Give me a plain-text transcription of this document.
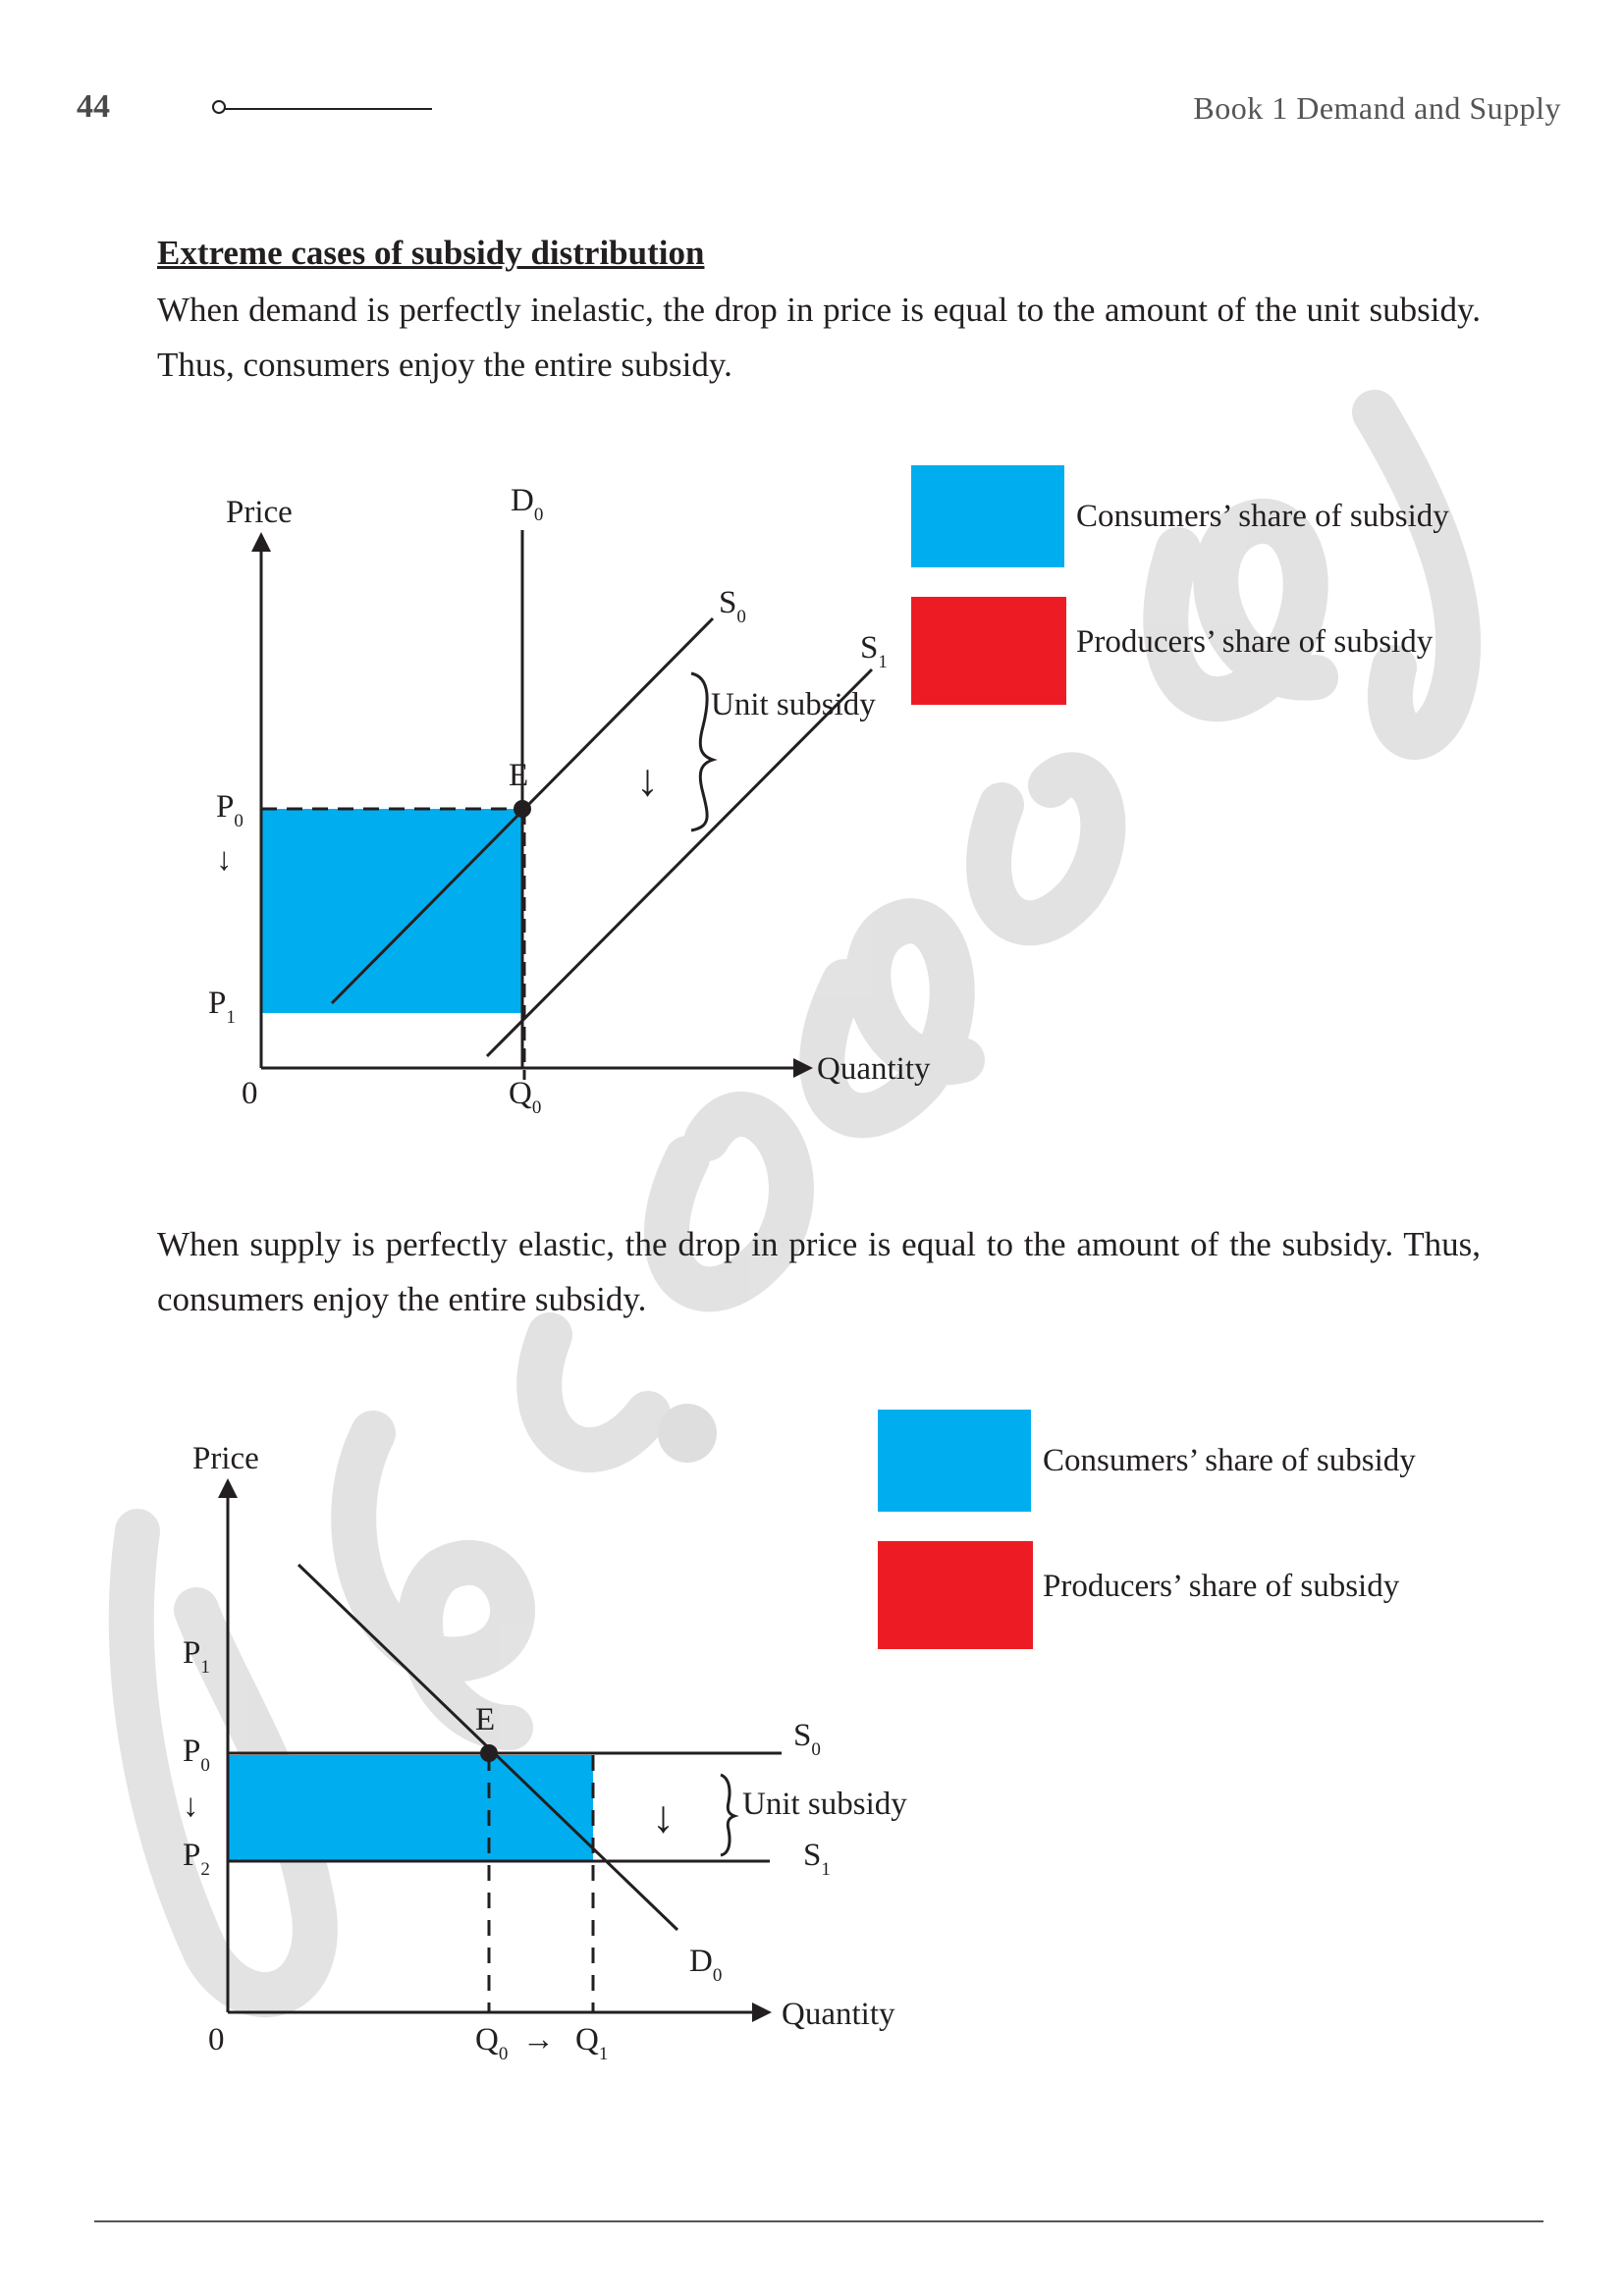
44	Book 1 Demand and Supply
Extreme cases of subsidy distribution
When demand is perfectly inelastic, the drop in price is equal to the amount of the unit subsidy. Thus, consumers enjoy the entire subsidy.
When supply is perfectly elastic, the drop in price is equal to the amount of the subsidy. Thus, consumers enjoy the entire subsidy.
Price
Quantity
0
$D_0$
$S_0$
$S_1$
Unit subsidy
E ↓
$P_0$
↓
$P_1$
$Q_0$
Consumers’ share of subsidy
Producers’ share of subsidy
Price
Quantity
0
$P_1$
$P_0$
↓
$P_2$
E	$S_0$
$S_1$
↓ Unit subsidy
$D_0$
$Q_0 \to Q_1$
Consumers’ share of subsidy
Producers’ share of subsidy
